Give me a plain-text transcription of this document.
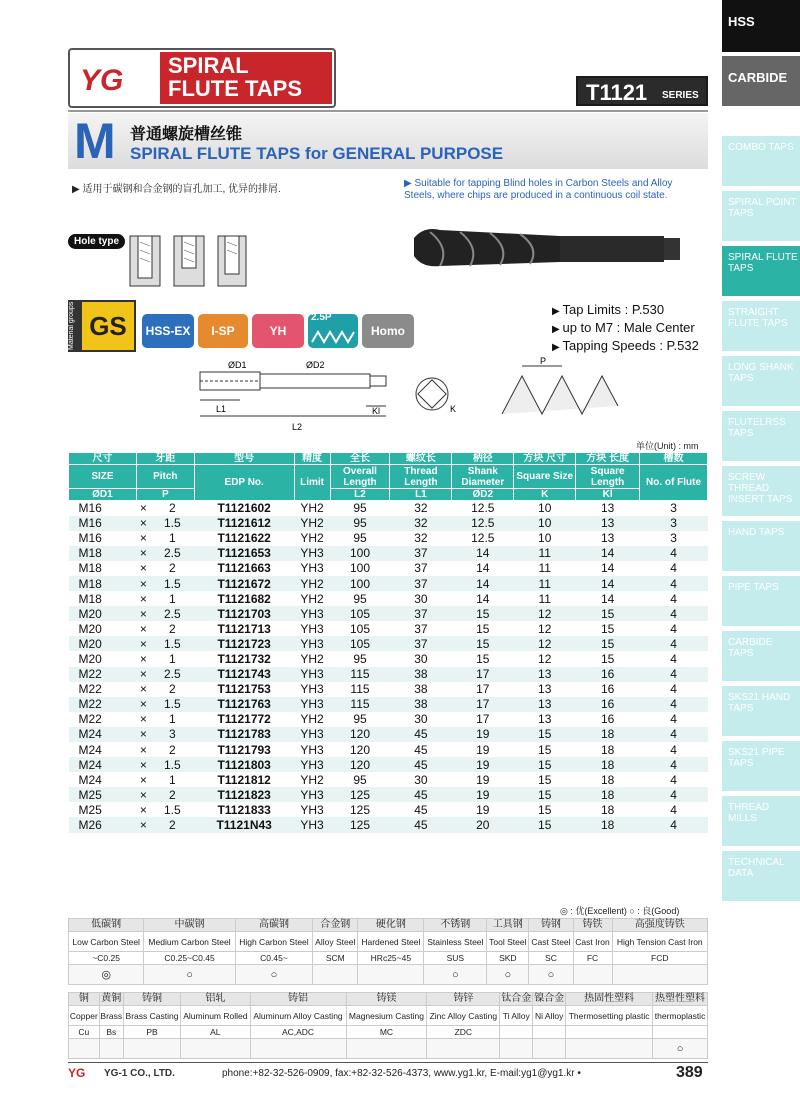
YG SPIRAL
FLUTE TAPS	T1121 SERIES
M 普通螺旋槽丝锥
SPIRAL FLUTE TAPS for GENERAL PURPOSE
▶ 适用于碳钢和合金钢的盲孔加工, 优异的排屑.
▶ Suitable for tapping Blind holes in Carbon Steels and Alloy Steels, where chips are produced in a continuous coil state.
Hole type
Material groups GS	HSS-EX	I-SP	YH
2.5P
Homo
▶ Tap Limits : P.530
▶ up to M7 : Male Center
▶ Tapping Speeds : P.532
ØD1	ØD2
L1
L2
Kl	K
P
单位(Unit) : mm
尺寸	牙距		型号	精度	全长	螺纹长	柄径	方块 尺寸	方块 长度	槽数
SIZE	Pitch		EDP No.	Limit	Overall Length	Thread Length	Shank Diameter	Square Size	Square Length	No. of Flute
ØD1	P				L2	L1	ØD2	K	Kl	
M16	×	2	T1121602	YH2	95	32	12.5	10	13	3
M16	×	1.5	T1121612	YH2	95	32	12.5	10	13	3
M16	×	1	T1121622	YH2	95	32	12.5	10	13	3
M18	×	2.5	T1121653	YH3	100	37	14	11	14	4
M18	×	2	T1121663	YH3	100	37	14	11	14	4
M18	×	1.5	T1121672	YH2	100	37	14	11	14	4
M18	×	1	T1121682	YH2	95	30	14	11	14	4
M20	×	2.5	T1121703	YH3	105	37	15	12	15	4
M20	×	2	T1121713	YH3	105	37	15	12	15	4
M20	×	1.5	T1121723	YH3	105	37	15	12	15	4
M20	×	1	T1121732	YH2	95	30	15	12	15	4
M22	×	2.5	T1121743	YH3	115	38	17	13	16	4
M22	×	2	T1121753	YH3	115	38	17	13	16	4
M22	×	1.5	T1121763	YH3	115	38	17	13	16	4
M22	×	1	T1121772	YH2	95	30	17	13	16	4
M24	×	3	T1121783	YH3	120	45	19	15	18	4
M24	×	2	T1121793	YH3	120	45	19	15	18	4
M24	×	1.5	T1121803	YH3	120	45	19	15	18	4
M24	×	1	T1121812	YH2	95	30	19	15	18	4
M25	×	2	T1121823	YH3	125	45	19	15	18	4
M25	×	1.5	T1121833	YH3	125	45	19	15	18	4
M26	×	2	T1121N43	YH3	125	45	20	15	18	4
HSS
CARBIDE
COMBO TAPS
SPIRAL POINT TAPS
SPIRAL FLUTE TAPS
STRAIGHT FLUTE TAPS
LONG SHANK TAPS
FLUTELRSS TAPS
SCREW THREAD INSERT TAPS
HAND TAPS
PIPE TAPS
CARBIDE TAPS
SKS21 HAND TAPS
SKS21 PIPE TAPS
THREAD MILLS
TECHNICAL DATA
◎ : 优(Excellent) ○ : 良(Good)
低碳钢	中碳钢	高碳钢	合金钢	硬化钢	不锈钢	工具钢	铸钢	铸铁	高强度铸铁
Low Carbon Steel	Medium Carbon Steel	High Carbon Steel	Alloy Steel	Hardened Steel	Stainless Steel	Tool Steel	Cast Steel	Cast Iron	High Tension Cast Iron
~C0.25	C0.25~C0.45	C0.45~	SCM	HRc25~45	SUS	SKD	SC	FC	FCD
◎	○	○			○	○	○		
铜	黄铜	铸铜	铝轧	铸铝	铸镁	铸锌	钛合金	镍合金	热固性塑料	热塑性塑料
Copper	Brass	Brass Casting	Aluminum Rolled	Aluminum Alloy Casting	Magnesium Casting	Zinc Alloy Casting	Ti Alloy	Ni Alloy	Thermosetting plastic	thermoplastic
Cu	Bs	PB	AL	AC,ADC	MC	ZDC				
										○
YG YG-1 CO., LTD.	phone:+82-32-526-0909, fax:+82-32-526-4373, www.yg1.kr, E-mail:yg1@yg1.kr •	389
